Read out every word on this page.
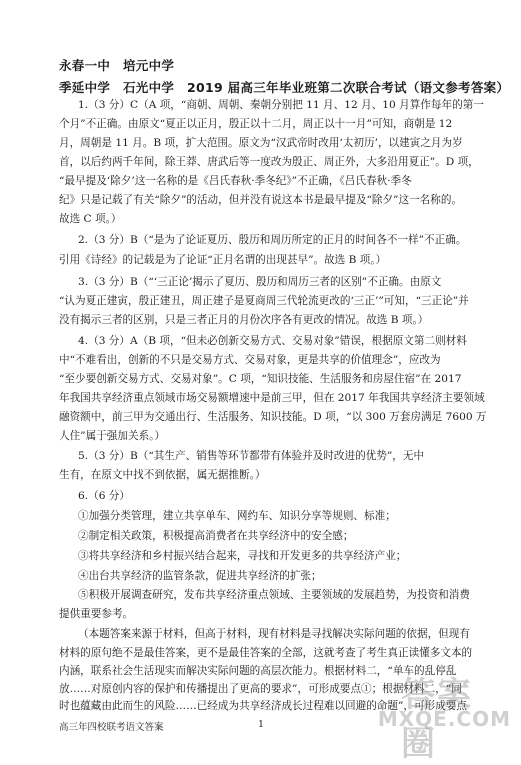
永春一中　培元中学
季延中学　石光中学　2019 届高三年毕业班第二次联合考试（语文参考答案）
1.（3 分）C（A 项，“商朝、周朝、秦朝分别把 11 月、12 月、10 月算作每年的第一
个月”不正确。由原文“夏正以正月，殷正以十二月，周正以十一月”可知，商朝是 12
月，周朝是 11 月。B 项，扩大范围。原文为“汉武帝时改用‘太初历’，以建寅之月为岁
首，以后约两千年间，除王莽、唐武后等一度改为殷正、周正外，大多沿用夏正”。D 项，
“最早提及‘除夕’这一名称的是《吕氏春秋·季冬纪》”不正确，《吕氏春秋·季冬
纪》只是记载了有关“除夕”的活动，但并没有说这本书是最早提及“除夕”这一名称的。
故选 C 项。）
2.（3 分）B（“是为了论证夏历、殷历和周历所定的正月的时间各不一样”不正确。
引用《诗经》的记载是为了论证“正月名谓的出现甚早”。故选 B 项。）
3.（3 分）B（“‘三正论’揭示了夏历、殷历和周历三者的区别”不正确。由原文
“认为夏正建寅，殷正建丑，周正建子是夏商周三代轮流更改的‘三正’”可知，“三正论”并
没有揭示三者的区别，只是三者正月的月份次序各有更改的情况。故选 B 项。）
4.（3 分）A（B 项，“但未必创新交易方式、交易对象”错误，根据原文第二则材料
中“不难看出，创新的不只是交易方式、交易对象，更是共享的价值理念”，应改为
“至少要创新交易方式、交易对象”。C 项，“知识技能、生活服务和房屋住宿”在 2017
年我国共享经济重点领域市场交易额增速中是前三甲，但在 2017 年我国共享经济主要领域
融资额中，前三甲为交通出行、生活服务、知识技能。D 项，“以 300 万套房满足 7600 万
人住”属于强加关系。）
5.（3 分）B（“其生产、销售等环节都带有体验并及时改进的优势”，无中
生有，在原文中找不到依据，属无据推断。）
6.（6 分）
①加强分类管理，建立共享单车、网约车、知识分享等规则、标准；
②制定相关政策，积极提高消费者在共享经济中的安全感；
③将共享经济和乡村振兴结合起来，寻找和开发更多的共享经济产业；
④出台共享经济的监管条款，促进共享经济的扩张；
⑤积极开展调查研究，发布共享经济重点领域、主要领域的发展趋势，为投资和消费
提供重要参考。
（本题答案来源于材料，但高于材料，现有材料是寻找解决实际问题的依据，但现有
材料的原句绝不是最佳答案，更不是最佳答案的全部，这就考查了考生真正读懂多文本的
内涵，联系社会生活现实而解决实际问题的高层次能力。根据材料二，“单车的乱停乱
放……对原创内容的保护和传播提出了更高的要求”，可形成要点①；根据材料二，“同
时也蕴藏由此而生的风险……已经成为共享经济成长过程难以回避的命题”，可形成要点
高三年四校联考语文答案	1
答案圈
MXQE.COM
